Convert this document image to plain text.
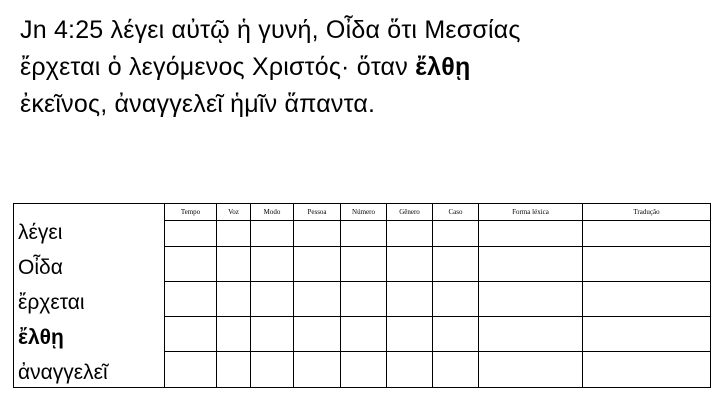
Jn 4:25 λέγει αὐτῷ ἡ γυνή, Οἶδα ὅτι Μεσσίας
ἔρχεται ὁ λεγόμενος Χριστός· ὅταν ἔλθῃ
ἐκεῖνος, ἀναγγελεῖ ἡμῖν ἅπαντα.
	Tempo	Voz	Modo	Pessoa	Número	Gênero	Caso	Forma léxica	Tradução
λέγει									
Οἶδα									
ἔρχεται									
ἔλθῃ									
ἀναγγελεῖ									
